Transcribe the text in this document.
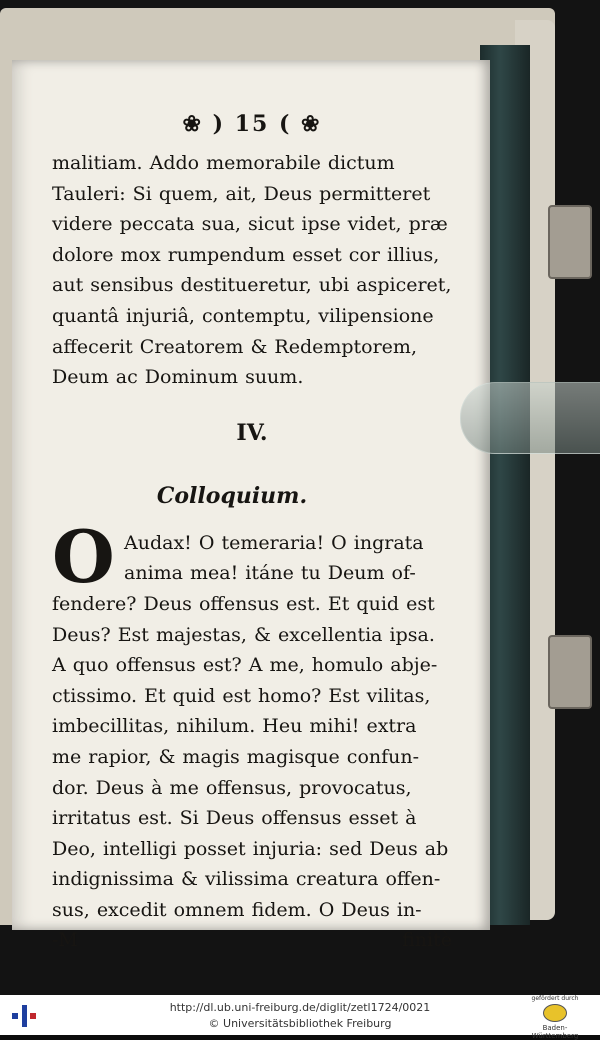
❀ ) 15 ( ❀
malitiam. Addo memorabile dictum
Tauleri: Si quem, ait, Deus permitteret
videre peccata sua, sicut ipse videt, præ
dolore mox rumpendum esset cor illius,
aut sensibus destitueretur, ubi aspiceret,
quantâ injuriâ, contemptu, vilipensione
affecerit Creatorem & Redemptorem,
Deum ac Dominum suum.
IV.
Colloquium.
O Audax! O temeraria! O ingrata
anima mea! itáne tu Deum of-
fendere? Deus offensus est. Et quid est
Deus? Est majestas, & excellentia ipsa.
A quo offensus est? A me, homulo abje-
ctissimo. Et quid est homo? Est vilitas,
imbecillitas, nihilum. Heu mihi! extra
me rapior, & magis magisque confun-
dor. Deus à me offensus, provocatus,
irritatus est. Si Deus offensus esset à
Deo, intelligi posset injuria: sed Deus ab
indignissima & vilissima creatura offen-
sus, excedit omnem fidem. O Deus in-
-M	finitè
http://dl.ub.uni-freiburg.de/diglit/zetl1724/0021
© Universitätsbibliothek Freiburg
gefördert durch
Baden-Württemberg
